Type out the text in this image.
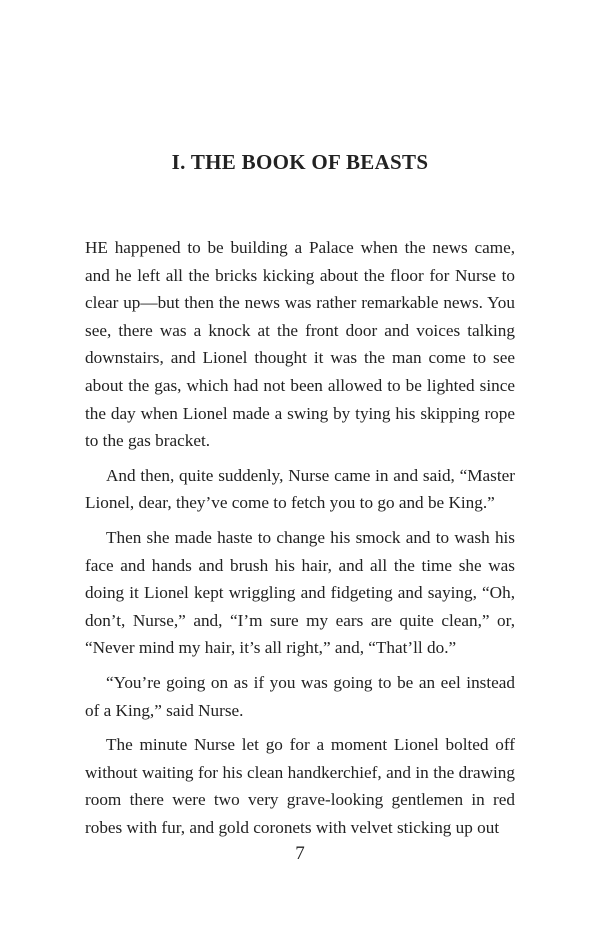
I. THE BOOK OF BEASTS

HE happened to be building a Palace when the news came, and he left all the bricks kicking about the floor for Nurse to clear up—but then the news was rather remarkable news. You see, there was a knock at the front door and voices talking downstairs, and Lionel thought it was the man come to see about the gas, which had not been allowed to be lighted since the day when Lionel made a swing by tying his skipping rope to the gas bracket.

And then, quite suddenly, Nurse came in and said, “Master Lionel, dear, they’ve come to fetch you to go and be King.”

Then she made haste to change his smock and to wash his face and hands and brush his hair, and all the time she was doing it Lionel kept wriggling and fidgeting and saying, “Oh, don’t, Nurse,” and, “I’m sure my ears are quite clean,” or, “Never mind my hair, it’s all right,” and, “That’ll do.”

“You’re going on as if you was going to be an eel instead of a King,” said Nurse.

The minute Nurse let go for a moment Lionel bolted off without waiting for his clean handkerchief, and in the drawing room there were two very grave-looking gentlemen in red robes with fur, and gold coronets with velvet sticking up out

7
